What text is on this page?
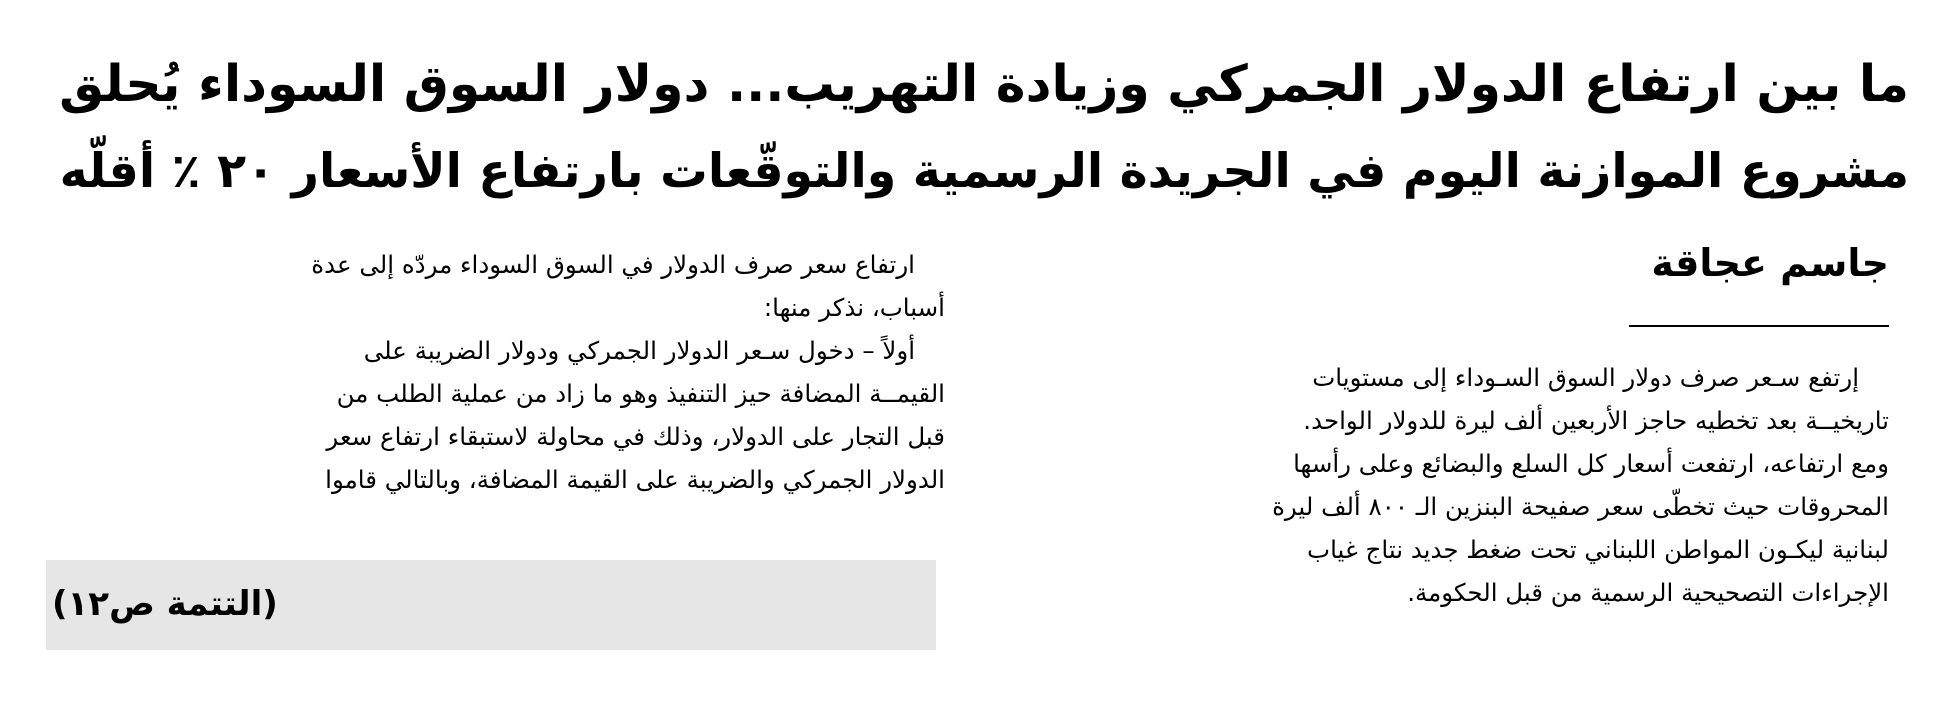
ما بين ارتفاع الدولار الجمركي وزيادة التهريب... دولار السوق السوداء يُحلق
مشروع الموازنة اليوم في الجريدة الرسمية والتوقّعات بارتفاع الأسعار ٢٠ ٪ أقلّه
جاسم عجاقة
إرتفع سـعر صرف دولار السوق السـوداء إلى مستويات
تاريخيــة بعد تخطيه حاجز الأربعين ألف ليرة للدولار الواحد.
ومع ارتفاعه، ارتفعت أسعار كل السلع والبضائع وعلى رأسها
المحروقات حيث تخطّى سعر صفيحة البنزين الـ ٨٠٠ ألف ليرة
لبنانية ليكـون المواطن اللبناني تحت ضغط جديد نتاج غياب
الإجراءات التصحيحية الرسمية من قبل الحكومة.
ارتفاع سعر صرف الدولار في السوق السوداء مردّه إلى عدة
أسباب، نذكر منها:
أولاً – دخول سـعر الدولار الجمركي ودولار الضريبة على
القيمــة المضافة حيز التنفيذ وهو ما زاد من عملية الطلب من
قبل التجار على الدولار، وذلك في محاولة لاستبقاء ارتفاع سعر
الدولار الجمركي والضريبة على القيمة المضافة، وبالتالي قاموا
(التتمة ص١٢)
